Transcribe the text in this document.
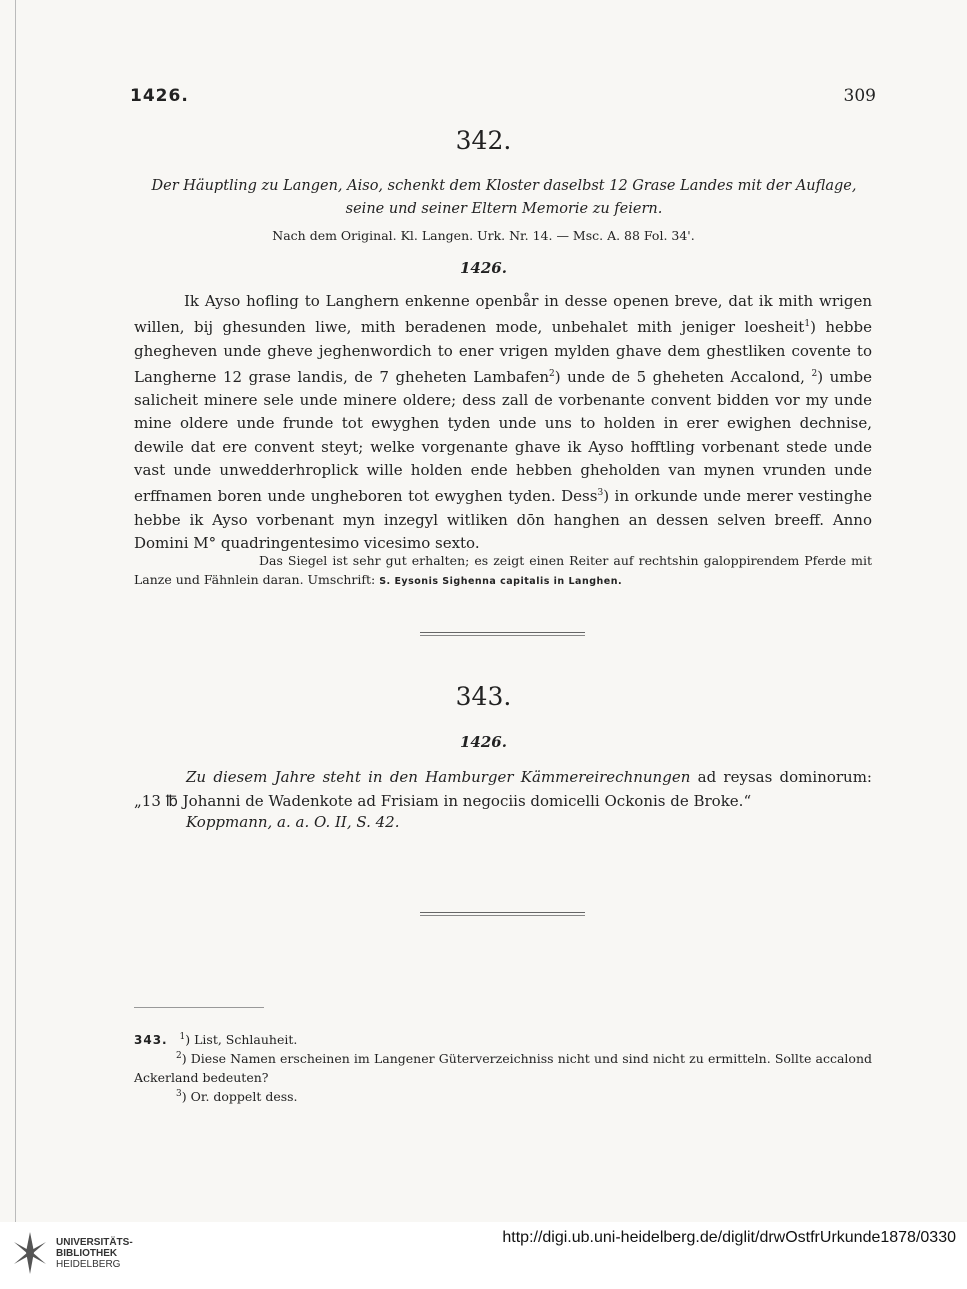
1426.	309
342.
Der Häuptling zu Langen, Aiso, schenkt dem Kloster daselbst 12 Grase Landes mit der Auflage,
seine und seiner Eltern Memorie zu feiern.
Nach dem Original. Kl. Langen. Urk. Nr. 14. — Msc. A. 88 Fol. 34'.
1426.
Ik Ayso hofling to Langhern enkenne openbår in desse openen breve, dat ik mith wrigen willen, bij ghesunden liwe, mith beradenen mode, unbehalet mith jeniger loesheit$^1$) hebbe ghegheven unde gheve jeghenwordich to ener vrigen mylden ghave dem ghestliken covente to Langherne 12 grase landis, de 7 gheheten Lambafen$^2$) unde de 5 gheheten Accalond, $^2$) umbe salicheit minere sele unde minere oldere; dess zall de vorbenante convent bidden vor my unde mine oldere unde frunde tot ewyghen tyden unde uns to holden in erer ewighen dechnise, dewile dat ere convent steyt; welke vorgenante ghave ik Ayso hofftling vorbenant stede unde vast unde unwedderhroplick wille holden ende hebben gheholden van mynen vrunden unde erffnamen boren unde ungheboren tot ewyghen tyden. Dess$^3$) in orkunde unde merer vestinghe hebbe ik Ayso vorbenant myn inzegyl witliken dōn hanghen an dessen selven breeff. Anno Domini M° quadringentesimo vicesimo sexto.
Das Siegel ist sehr gut erhalten; es zeigt einen Reiter auf rechtshin galoppirendem Pferde mit Lanze und Fähnlein daran. Umschrift: S. Eysonis Sighenna capitalis in Langhen.
343.
1426.
Zu diesem Jahre steht in den Hamburger Kämmereirechnungen ad reysas dominorum: „13 ℔ Johanni de Wadenkote ad Frisiam in negociis domicelli Ockonis de Broke.“
Koppmann, a. a. O. II, S. 42.
343. $^1$) List, Schlauheit.
$^2$) Diese Namen erscheinen im Langener Güterverzeichniss nicht und sind nicht zu ermitteln. Sollte accalond Ackerland bedeuten?
$^3$) Or. doppelt dess.
UNIVERSITÄTS-
BIBLIOTHEK
HEIDELBERG
http://digi.ub.uni-heidelberg.de/diglit/drwOstfrUrkunde1878/0330
